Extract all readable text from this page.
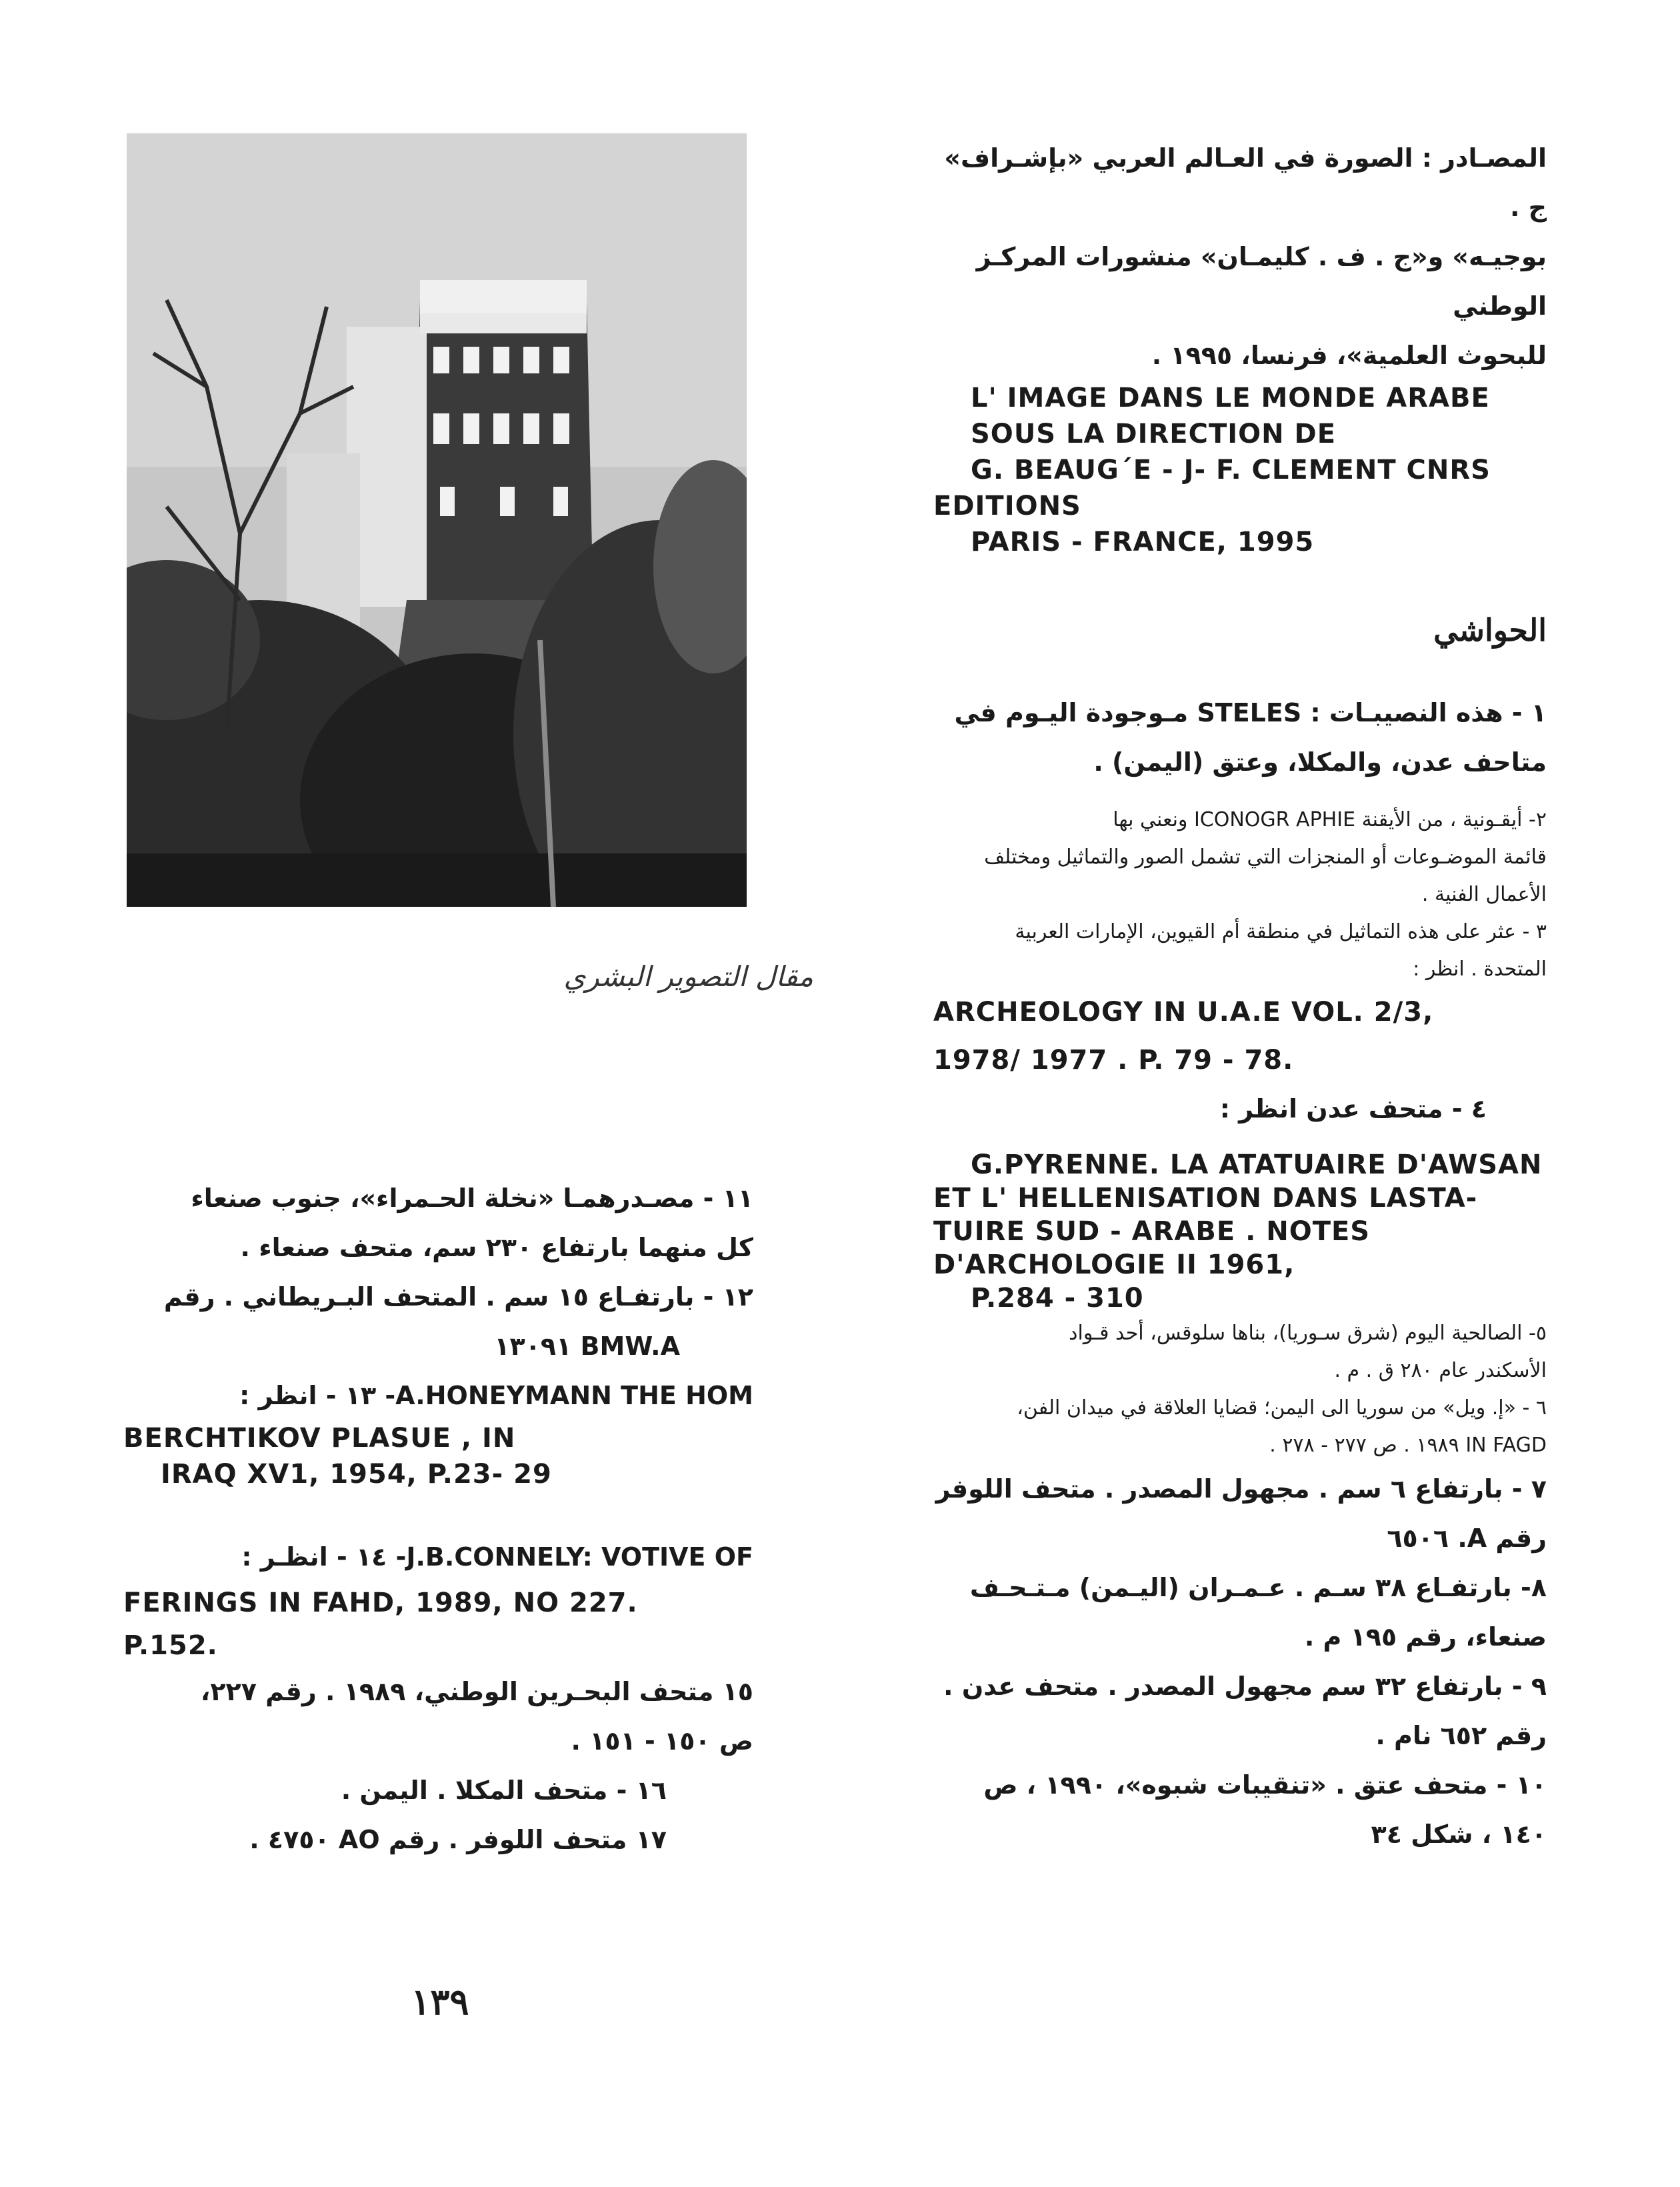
مقال التصوير البشري

المصـادر : الصورة في العـالم العربي «بإشـراف» ج .

بوجيـه» و«ج . ف . كليمـان» منشورات المركـز الوطني

للبحوث العلمية»، فرنسا، ١٩٩٥ .

L' IMAGE DANS LE MONDE ARABE
SOUS LA DIRECTION DE
G. BEAUG´E - J- F. CLEMENT CNRS
EDITIONS
PARIS - FRANCE, 1995
الحواشي

١ - هذه النصيبـات : STELES مـوجودة اليـوم في

متاحف عدن، والمكلا، وعتق (اليمن) .

٢- أيقـونية ، من الأيقنة ICONOGR APHIE ونعني بها

قائمة الموضـوعات أو المنجزات التي تشمل الصور والتماثيل ومختلف

الأعمال الفنية .

٣ - عثر على هذه التماثيل في منطقة أم القيوين، الإمارات العربية

المتحدة . انظر :

ARCHEOLOGY IN U.A.E VOL. 2/3,
1978/ 1977 . P. 79 - 78.

٤ - متحف عدن انظر :

G.PYRENNE. LA ATATUAIRE D'AWSAN
ET L' HELLENISATION DANS LASTA-
TUIRE SUD - ARABE . NOTES
D'ARCHOLOGIE II 1961,
P.284 - 310

٥- الصالحية اليوم (شرق سـوريا)، بناها سلوقس، أحد قـواد

الأسكندر عام ٢٨٠ ق . م .

٦ - «إ. ويل» من سوريا الى اليمن؛ قضايا العلاقة في ميدان الفن،

IN FAGD ١٩٨٩ . ص ٢٧٧ - ٢٧٨ .

٧ - بارتفاع ٦ سم . مجهول المصدر . متحف اللوفر

رقم A. ٦٥٠٦

٨- بارتفـاع ٣٨ سـم . عـمـران (اليـمن) مـتـحـف

صنعاء، رقم ١٩٥ م .

٩ - بارتفاع ٣٢ سم مجهول المصدر . متحف عدن .

رقم ٦٥٢ نام .

١٠ - متحف عتق . «تنقيبات شبوه»، ١٩٩٠ ، ص

١٤٠ ، شكل ٣٤

١١ - مصـدرهمـا «نخلة الحـمراء»، جنوب صنعاء

كل منهما بارتفاع ٢٣٠ سم، متحف صنعاء .

١٢ - بارتفـاع ١٥ سم . المتحف البـريطاني . رقم

BMW.A ١٣٠٩١

A.HONEYMANN THE HOM- ١٣ - انظر :

BERCHTIKOV PLASUE , IN
IRAQ XV1, 1954, P.23- 29

J.B.CONNELY: VOTIVE OF- ١٤ - انظـر :

FERINGS IN FAHD, 1989, NO 227.
P.152.

١٥ متحف البحـرين الوطني، ١٩٨٩ . رقم ٢٢٧،

ص ١٥٠ - ١٥١ .

١٦ - متحف المكلا . اليمن .

١٧ متحف اللوفر . رقم AO ٤٧٥٠ .

١٣٩
